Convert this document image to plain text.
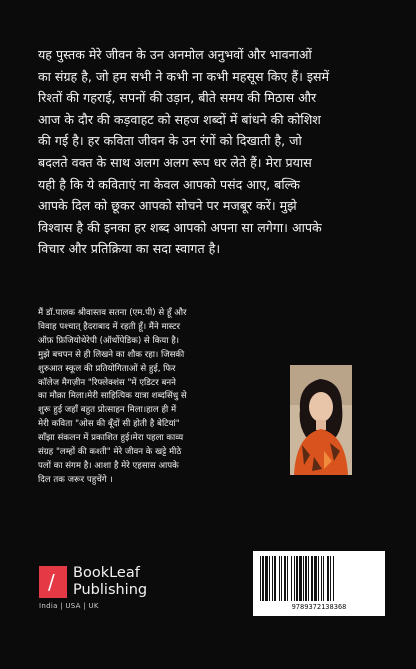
यह पुस्तक मेरे जीवन के उन अनमोल अनुभवों और भावनाओं
का संग्रह है, जो हम सभी ने कभी ना कभी महसूस किए हैं। इसमें
रिश्तों की गहराई, सपनों की उड़ान, बीते समय की मिठास और
आज के दौर की कड़वाहट को सहज शब्दों में बांधने की कोशिश
की गई है। हर कविता जीवन के उन रंगों को दिखाती है, जो
बदलते वक्त के साथ अलग अलग रूप धर लेते हैं। मेरा प्रयास
यही है कि ये कविताएं ना केवल आपको पसंद आए, बल्कि
आपके दिल को छूकर आपको सोचने पर मजबूर करें। मुझे
विश्वास है की इनका हर शब्द आपको अपना सा लगेगा। आपके
विचार और प्रतिक्रिया का सदा स्वागत है।

मैं डॉ.पालक श्रीवास्तव सतना (एम.पी) से हूँ और
विवाह पश्चात् हैदराबाद में रहती हूँ। मैंने मास्टर
ऑफ़ फ़िजियोथेरेपी (ऑर्थोपेडिक) से किया है।
मुझे बचपन से ही लिखने का शौक रहा। जिसकी
शुरुआत स्कूल की प्रतियोगिताओं से हुई, फिर
कॉलेज मैगज़ीन "रिफ्लेक्शंस "में एडिटर बनने
का मौक़ा मिला।मेरी साहित्यिक यात्रा शब्दसिंधु से
शुरू हुई जहाँ बहुत प्रोत्साहन मिला।हाल ही में
मेरी कविता "ओस की बूँदों सी होती है बेटियां"
साँझा संकलन में प्रकाशित हुई।मेरा पहला काव्य
संग्रह "लम्हों की कश्ती" मेरे जीवन के खट्टे मीठे
पलों का संगम है। आशा है मेरे एहसास आपके
दिल तक जरूर पहुचेंगे ।

/ BookLeaf
Publishing
India | USA | UK	9789372138368
